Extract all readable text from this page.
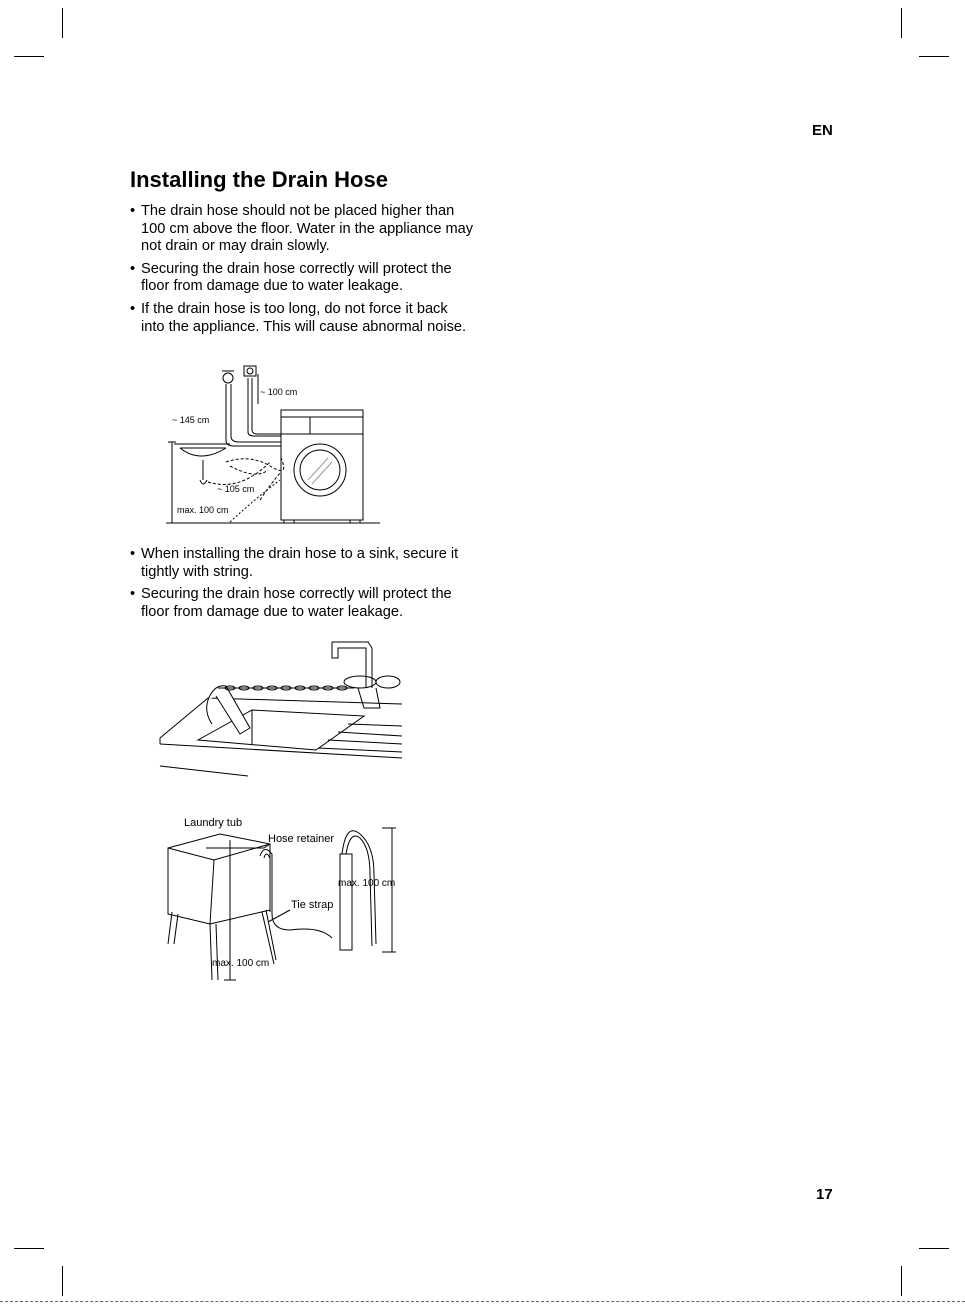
EN
Installing the Drain Hose
• The drain hose should not be placed higher than 100 cm above the floor. Water in the appliance may not drain or may drain slowly.
• Securing the drain hose correctly will protect the floor from damage due to water leakage.
• If the drain hose is too long, do not force it back into the appliance. This will cause abnormal noise.
~ 100 cm
~ 145 cm
~ 105 cm
max. 100 cm
• When installing the drain hose to a sink, secure it tightly with string.
• Securing the drain hose correctly will protect the floor from damage due to water leakage.
Laundry tub
Hose retainer
Tie strap
max. 100 cm
max. 100 cm
17
